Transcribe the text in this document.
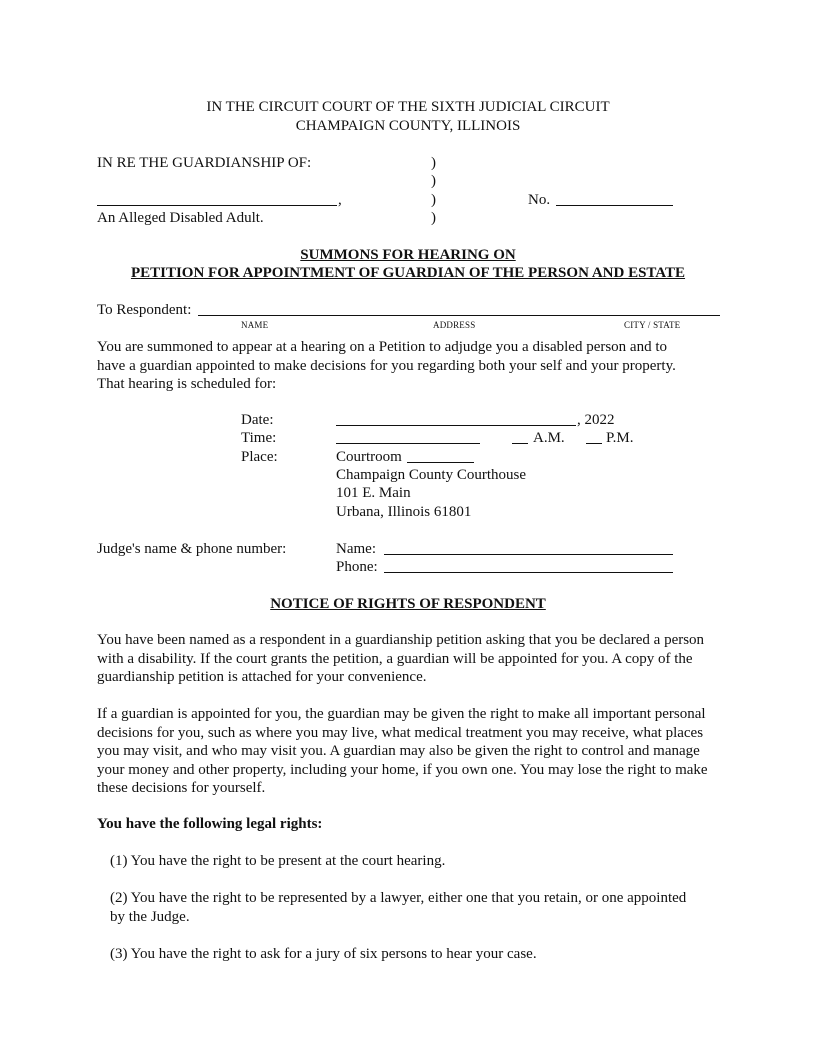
IN THE CIRCUIT COURT OF THE SIXTH JUDICIAL CIRCUIT
CHAMPAIGN COUNTY, ILLINOIS
IN RE THE GUARDIANSHIP OF:	)
)
,	)	No.
An Alleged Disabled Adult.	)
SUMMONS FOR HEARING ON
PETITION FOR APPOINTMENT OF GUARDIAN OF THE PERSON AND ESTATE
To Respondent:
NAME	ADDRESS	CITY / STATE
You are summoned to appear at a hearing on a Petition to adjudge you a disabled person and to
have a guardian appointed to make decisions for you regarding both your self and your property.
That hearing is scheduled for:
Date:	, 2022
Time:	A.M.	P.M.
Place:	Courtroom
Champaign County Courthouse
101 E. Main
Urbana, Illinois 61801
Judge's name & phone number:	Name:
Phone:
NOTICE OF RIGHTS OF RESPONDENT
You have been named as a respondent in a guardianship petition asking that you be declared a person
with a disability. If the court grants the petition, a guardian will be appointed for you. A copy of the
guardianship petition is attached for your convenience.
If a guardian is appointed for you, the guardian may be given the right to make all important personal
decisions for you, such as where you may live, what medical treatment you may receive, what places
you may visit, and who may visit you. A guardian may also be given the right to control and manage
your money and other property, including your home, if you own one. You may lose the right to make
these decisions for yourself.
You have the following legal rights:
(1) You have the right to be present at the court hearing.
(2) You have the right to be represented by a lawyer, either one that you retain, or one appointed
by the Judge.
(3) You have the right to ask for a jury of six persons to hear your case.
